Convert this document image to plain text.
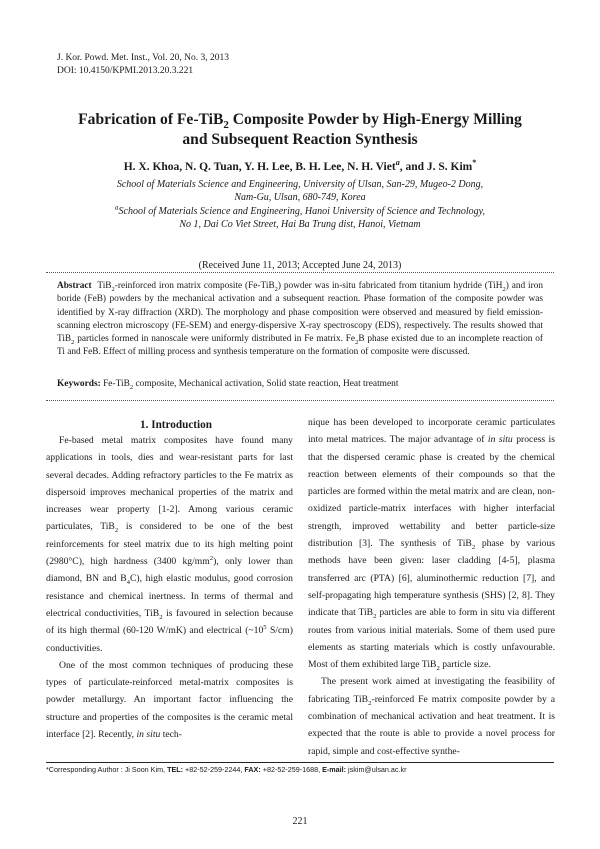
J. Kor. Powd. Met. Inst., Vol. 20, No. 3, 2013
DOI: 10.4150/KPMI.2013.20.3.221
Fabrication of Fe-TiB$_2$ Composite Powder by High-Energy Milling
and Subsequent Reaction Synthesis
H. X. Khoa, N. Q. Tuan, Y. H. Lee, B. H. Lee, N. H. Viet$^a$, and J. S. Kim*
School of Materials Science and Engineering, University of Ulsan, San-29, Mugeo-2 Dong,
Nam-Gu, Ulsan, 680-749, Korea
$^a$School of Materials Science and Engineering, Hanoi University of Science and Technology,
No 1, Dai Co Viet Street, Hai Ba Trung dist, Hanoi, Vietnam
(Received June 11, 2013; Accepted June 24, 2013)
Abstract TiB$_2$-reinforced iron matrix composite (Fe-TiB$_2$) powder was in-situ fabricated from titanium hydride (TiH$_2$) and iron boride (FeB) powders by the mechanical activation and a subsequent reaction. Phase formation of the composite powder was identified by X-ray diffraction (XRD). The morphology and phase composition were observed and measured by field emission-scanning electron microscopy (FE-SEM) and energy-dispersive X-ray spectroscopy (EDS), respectively. The results showed that TiB$_2$ particles formed in nanoscale were uniformly distributed in Fe matrix. $Fe_2B$ phase existed due to an incomplete reaction of Ti and FeB. Effect of milling process and synthesis temperature on the formation of composite were discussed.
Keywords: Fe-TiB$_2$ composite, Mechanical activation, Solid state reaction, Heat treatment

1. Introduction

Fe-based metal matrix composites have found many applications in tools, dies and wear-resistant parts for last several decades. Adding refractory particles to the Fe matrix as dispersoid improves mechanical properties of the matrix and increases wear property [1-2]. Among various ceramic particulates, TiB$_2$ is considered to be one of the best reinforcements for steel matrix due to its high melting point (2980°C), high hardness (3400 $kg/mm^2$), only lower than diamond, BN and $B_4C$), high elastic modulus, good corrosion resistance and chemical inertness. In terms of thermal and electrical conductivities, TiB$_2$ is favoured in selection because of its high thermal (60-120 W/mK) and electrical ($\sim 10^5$ S/cm) conductivities.

One of the most common techniques of producing these types of particulate-reinforced metal-matrix composites is powder metallurgy. An important factor influencing the structure and properties of the composites is the ceramic metal interface [2]. Recently, in situ tech-

nique has been developed to incorporate ceramic particulates into metal matrices. The major advantage of in situ process is that the dispersed ceramic phase is created by the chemical reaction between elements of their compounds so that the particles are formed within the metal matrix and are clean, non-oxidized particle-matrix interfaces with higher interfacial strength, improved wettability and better particle-size distribution [3]. The synthesis of TiB$_2$ phase by various methods have been given: laser cladding [4-5], plasma transferred arc (PTA) [6], aluminothermic reduction [7], and self-propagating high temperature synthesis (SHS) [2, 8]. They indicate that TiB$_2$ particles are able to form in situ via different routes from various initial materials. Some of them used pure elements as starting materials which is costly unfavourable. Most of them exhibited large TiB$_2$ particle size.

The present work aimed at investigating the feasibility of fabricating TiB$_2$-reinforced Fe matrix composite powder by a combination of mechanical activation and heat treatment. It is expected that the route is able to provide a novel process for rapid, simple and cost-effective synthe-

*Corresponding Author : Ji Soon Kim, TEL: +82-52-259-2244, FAX: +82-52-259-1688, E-mail: jskim@ulsan.ac.kr
221
